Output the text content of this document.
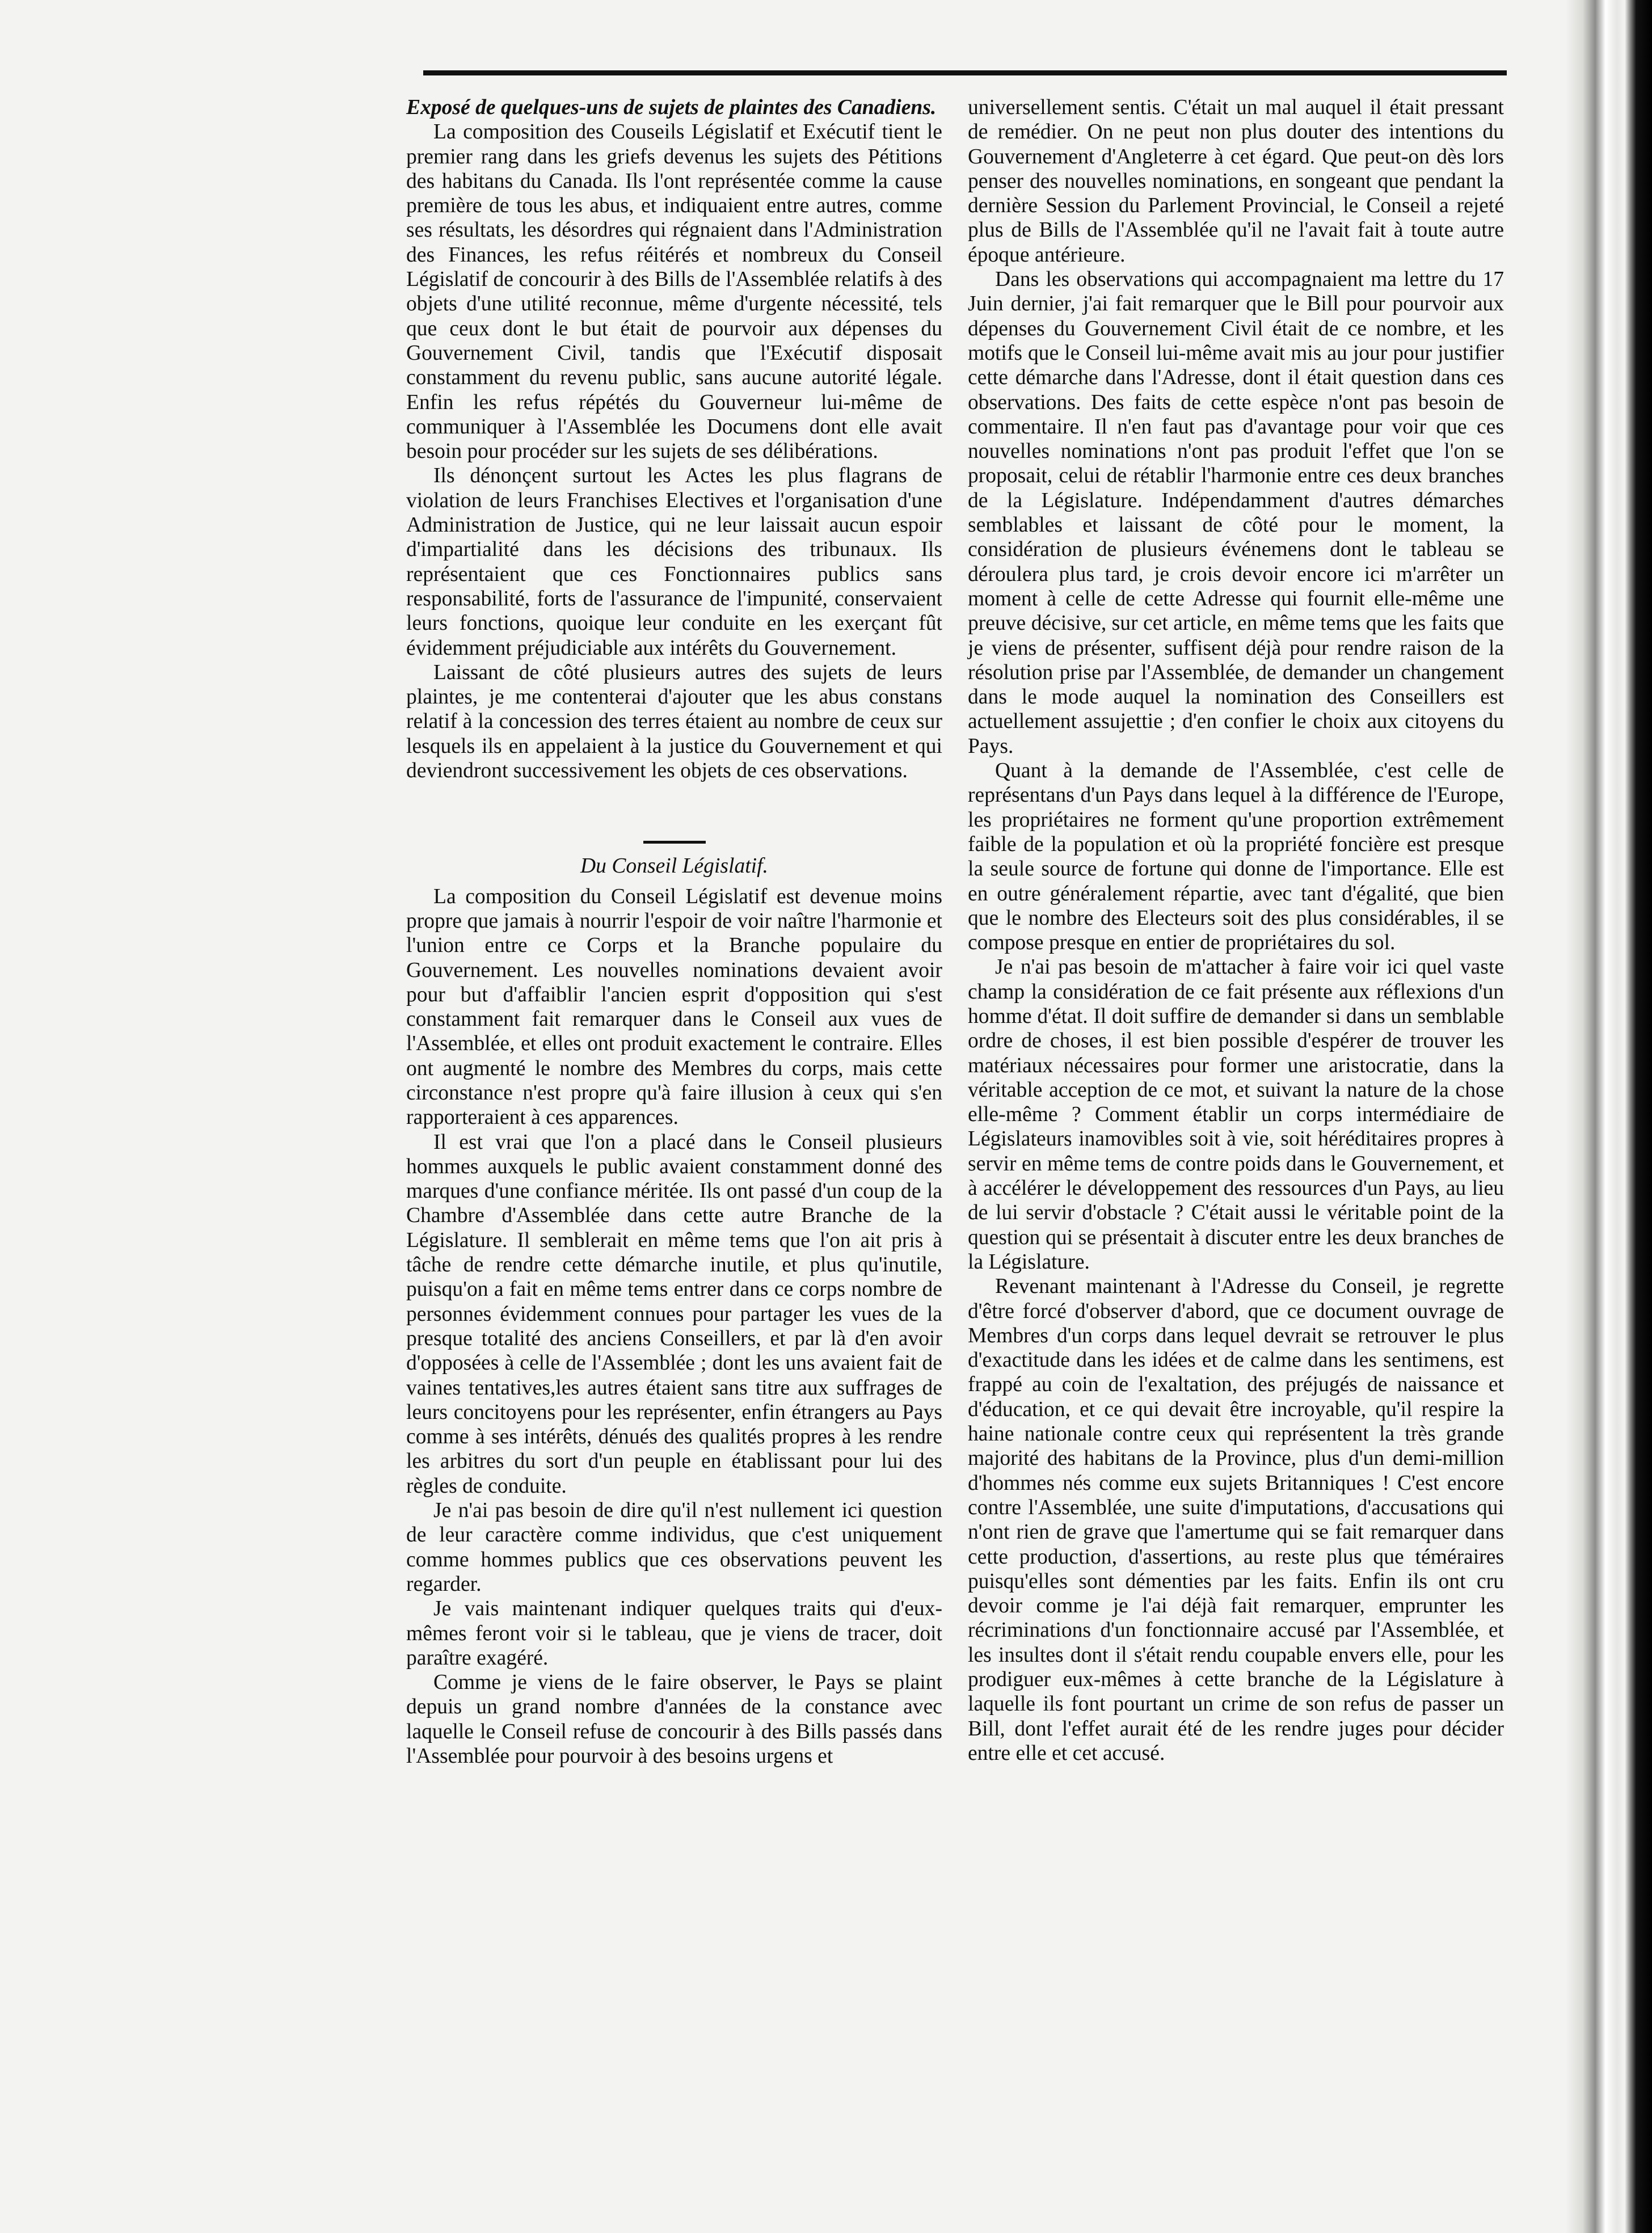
Exposé de quelques-uns de sujets de plaintes des Canadiens.

La composition des Couseils Législatif et Exécutif tient le premier rang dans les griefs devenus les sujets des Pétitions des habitans du Canada. Ils l'ont représentée comme la cause première de tous les abus, et indiquaient entre autres, comme ses résultats, les désordres qui régnaient dans l'Administration des Finances, les refus réitérés et nombreux du Conseil Législatif de concourir à des Bills de l'Assemblée relatifs à des objets d'une utilité reconnue, même d'urgente nécessité, tels que ceux dont le but était de pourvoir aux dépenses du Gouvernement Civil, tandis que l'Exécutif disposait constamment du revenu public, sans aucune autorité légale. Enfin les refus répétés du Gouverneur lui-même de communiquer à l'Assemblée les Documens dont elle avait besoin pour procéder sur les sujets de ses délibérations.

Ils dénonçent surtout les Actes les plus flagrans de violation de leurs Franchises Electives et l'organisation d'une Administration de Justice, qui ne leur laissait aucun espoir d'impartialité dans les décisions des tribunaux. Ils représentaient que ces Fonctionnaires publics sans responsabilité, forts de l'assurance de l'impunité, conservaient leurs fonctions, quoique leur conduite en les exerçant fût évidemment préjudiciable aux intérêts du Gouvernement.

Laissant de côté plusieurs autres des sujets de leurs plaintes, je me contenterai d'ajouter que les abus constans relatif à la concession des terres étaient au nombre de ceux sur lesquels ils en appelaient à la justice du Gouvernement et qui deviendront successivement les objets de ces observations.

Du Conseil Législatif.

La composition du Conseil Législatif est devenue moins propre que jamais à nourrir l'espoir de voir naître l'harmonie et l'union entre ce Corps et la Branche populaire du Gouvernement. Les nouvelles nominations devaient avoir pour but d'affaiblir l'ancien esprit d'opposition qui s'est constamment fait remarquer dans le Conseil aux vues de l'Assemblée, et elles ont produit exactement le contraire. Elles ont augmenté le nombre des Membres du corps, mais cette circonstance n'est propre qu'à faire illusion à ceux qui s'en rapporteraient à ces apparences.

Il est vrai que l'on a placé dans le Conseil plusieurs hommes auxquels le public avaient constamment donné des marques d'une confiance méritée. Ils ont passé d'un coup de la Chambre d'Assemblée dans cette autre Branche de la Législature. Il semblerait en même tems que l'on ait pris à tâche de rendre cette démarche inutile, et plus qu'inutile, puisqu'on a fait en même tems entrer dans ce corps nombre de personnes évidemment connues pour partager les vues de la presque totalité des anciens Conseillers, et par là d'en avoir d'opposées à celle de l'Assemblée ; dont les uns avaient fait de vaines tentatives,les autres étaient sans titre aux suffrages de leurs concitoyens pour les représenter, enfin étrangers au Pays comme à ses intérêts, dénués des qualités propres à les rendre les arbitres du sort d'un peuple en établissant pour lui des règles de conduite.

Je n'ai pas besoin de dire qu'il n'est nullement ici question de leur caractère comme individus, que c'est uniquement comme hommes publics que ces observations peuvent les regarder.

Je vais maintenant indiquer quelques traits qui d'eux-mêmes feront voir si le tableau, que je viens de tracer, doit paraître exagéré.

Comme je viens de le faire observer, le Pays se plaint depuis un grand nombre d'années de la constance avec laquelle le Conseil refuse de concourir à des Bills passés dans l'Assemblée pour pourvoir à des besoins urgens et

universellement sentis. C'était un mal auquel il était pressant de remédier. On ne peut non plus douter des intentions du Gouvernement d'Angleterre à cet égard. Que peut-on dès lors penser des nouvelles nominations, en songeant que pendant la dernière Session du Parlement Provincial, le Conseil a rejeté plus de Bills de l'Assemblée qu'il ne l'avait fait à toute autre époque antérieure.

Dans les observations qui accompagnaient ma lettre du 17 Juin dernier, j'ai fait remarquer que le Bill pour pourvoir aux dépenses du Gouvernement Civil était de ce nombre, et les motifs que le Conseil lui-même avait mis au jour pour justifier cette démarche dans l'Adresse, dont il était question dans ces observations. Des faits de cette espèce n'ont pas besoin de commentaire. Il n'en faut pas d'avantage pour voir que ces nouvelles nominations n'ont pas produit l'effet que l'on se proposait, celui de rétablir l'harmonie entre ces deux branches de la Législature. Indépendamment d'autres démarches semblables et laissant de côté pour le moment, la considération de plusieurs événemens dont le tableau se déroulera plus tard, je crois devoir encore ici m'arrêter un moment à celle de cette Adresse qui fournit elle-même une preuve décisive, sur cet article, en même tems que les faits que je viens de présenter, suffisent déjà pour rendre raison de la résolution prise par l'Assemblée, de demander un changement dans le mode auquel la nomination des Conseillers est actuellement assujettie ; d'en confier le choix aux citoyens du Pays.

Quant à la demande de l'Assemblée, c'est celle de représentans d'un Pays dans lequel à la différence de l'Europe, les propriétaires ne forment qu'une proportion extrêmement faible de la population et où la propriété foncière est presque la seule source de fortune qui donne de l'importance. Elle est en outre généralement répartie, avec tant d'égalité, que bien que le nombre des Electeurs soit des plus considérables, il se compose presque en entier de propriétaires du sol.

Je n'ai pas besoin de m'attacher à faire voir ici quel vaste champ la considération de ce fait présente aux réflexions d'un homme d'état. Il doit suffire de demander si dans un semblable ordre de choses, il est bien possible d'espérer de trouver les matériaux nécessaires pour former une aristocratie, dans la véritable acception de ce mot, et suivant la nature de la chose elle-même ? Comment établir un corps intermédiaire de Législateurs inamovibles soit à vie, soit héréditaires propres à servir en même tems de contre poids dans le Gouvernement, et à accélérer le développement des ressources d'un Pays, au lieu de lui servir d'obstacle ? C'était aussi le véritable point de la question qui se présentait à discuter entre les deux branches de la Législature.

Revenant maintenant à l'Adresse du Conseil, je regrette d'être forcé d'observer d'abord, que ce document ouvrage de Membres d'un corps dans lequel devrait se retrouver le plus d'exactitude dans les idées et de calme dans les sentimens, est frappé au coin de l'exaltation, des préjugés de naissance et d'éducation, et ce qui devait être incroyable, qu'il respire la haine nationale contre ceux qui représentent la très grande majorité des habitans de la Province, plus d'un demi-million d'hommes nés comme eux sujets Britanniques ! C'est encore contre l'Assemblée, une suite d'imputations, d'accusations qui n'ont rien de grave que l'amertume qui se fait remarquer dans cette production, d'assertions, au reste plus que téméraires puisqu'elles sont démenties par les faits. Enfin ils ont cru devoir comme je l'ai déjà fait remarquer, emprunter les récriminations d'un fonctionnaire accusé par l'Assemblée, et les insultes dont il s'était rendu coupable envers elle, pour les prodiguer eux-mêmes à cette branche de la Législature à laquelle ils font pourtant un crime de son refus de passer un Bill, dont l'effet aurait été de les rendre juges pour décider entre elle et cet accusé.
